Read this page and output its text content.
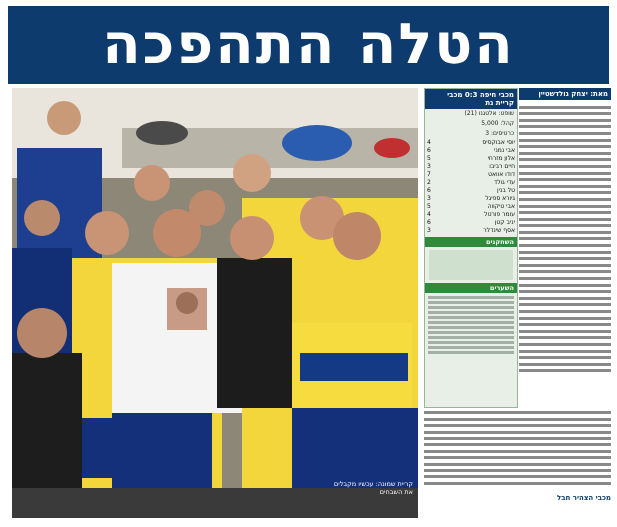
הטלה התהפכה
קריית שמונה: עכשיו מקבלים את השבחים
מכבי חיפה 0:3 מכבי קריית גת
שופט: אלטגנו (21)
קהל: 5,000
כרטיסים: 3
4	יוסי אבוקסיס
6	אבי נמני
5	אלון מזרחי
3	חיים רביבו
7	דודו אוואט
2	עדי גולד
6	טל בנין
3	גיורא ספיגל
5	אבי טיקווה
4	עומר פורטל
6	יניב קטן
3	אסף שינדלר
השחקנים
השערים
מאת: יצחק גולדשטיין
מכבי הצהיר חבל
